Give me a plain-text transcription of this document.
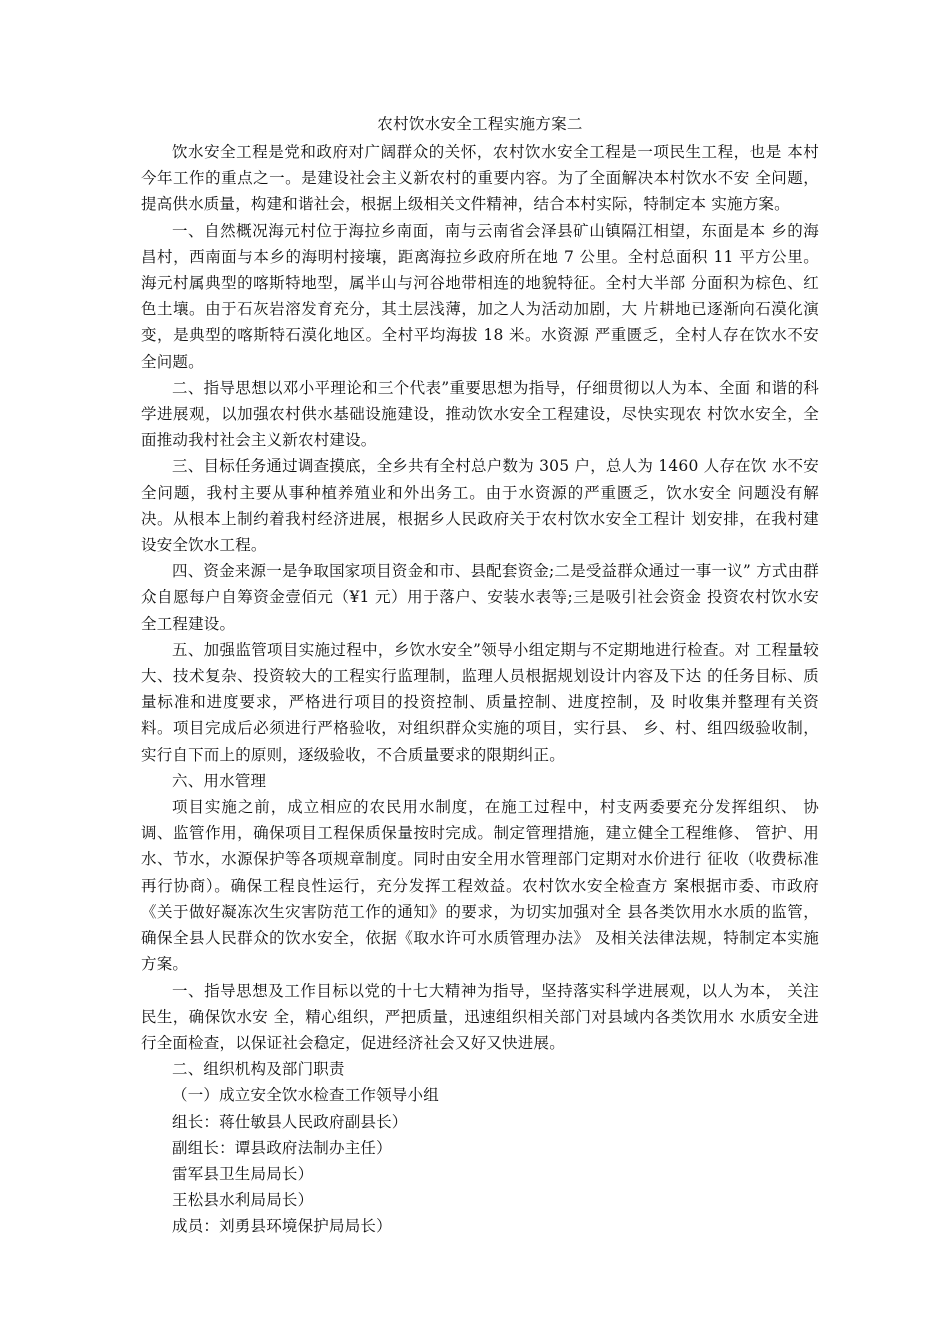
农村饮水安全工程实施方案二

饮水安全工程是党和政府对广阔群众的关怀，农村饮水安全工程是一项民生工程，也是 本村今年工作的重点之一。是建设社会主义新农村的重要内容。为了全面解决本村饮水不安 全问题，提高供水质量，构建和谐社会，根据上级相关文件精神，结合本村实际，特制定本 实施方案。

一、自然概况海元村位于海拉乡南面，南与云南省会泽县矿山镇隔江相望，东面是本 乡的海昌村，西南面与本乡的海明村接壤，距离海拉乡政府所在地 7 公里。全村总面积 11 平方公里。海元村属典型的喀斯特地型，属半山与河谷地带相连的地貌特征。全村大半部 分面积为棕色、红色土壤。由于石灰岩溶发育充分，其土层浅薄，加之人为活动加剧，大 片耕地已逐渐向石漠化演变，是典型的喀斯特石漠化地区。全村平均海拔 18 米。水资源 严重匮乏，全村人存在饮水不安全问题。

二、指导思想以邓小平理论和三个代表”重要思想为指导，仔细贯彻以人为本、全面 和谐的科学进展观，以加强农村供水基础设施建设，推动饮水安全工程建设，尽快实现农 村饮水安全，全面推动我村社会主义新农村建设。

三、目标任务通过调查摸底，全乡共有全村总户数为 305 户，总人为 1460 人存在饮 水不安全问题，我村主要从事种植养殖业和外出务工。由于水资源的严重匮乏，饮水安全 问题没有解决。从根本上制约着我村经济进展，根据乡人民政府关于农村饮水安全工程计 划安排，在我村建设安全饮水工程。

四、资金来源一是争取国家项目资金和市、县配套资金;二是受益群众通过一事一议” 方式由群众自愿每户自筹资金壹佰元（¥1 元）用于落户、安装水表等;三是吸引社会资金 投资农村饮水安全工程建设。

五、加强监管项目实施过程中，乡饮水安全”领导小组定期与不定期地进行检查。对 工程量较大、技术复杂、投资较大的工程实行监理制，监理人员根据规划设计内容及下达 的任务目标、质量标准和进度要求，严格进行项目的投资控制、质量控制、进度控制，及 时收集并整理有关资料。项目完成后必须进行严格验收，对组织群众实施的项目，实行县、 乡、村、组四级验收制，实行自下而上的原则，逐级验收，不合质量要求的限期纠正。

六、用水管理

项目实施之前，成立相应的农民用水制度，在施工过程中，村支两委要充分发挥组织、 协调、监管作用，确保项目工程保质保量按时完成。制定管理措施，建立健全工程维修、 管护、用水、节水，水源保护等各项规章制度。同时由安全用水管理部门定期对水价进行 征收（收费标准再行协商）。确保工程良性运行，充分发挥工程效益。农村饮水安全检查方 案根据市委、市政府《关于做好凝冻次生灾害防范工作的通知》的要求，为切实加强对全 县各类饮用水水质的监管，确保全县人民群众的饮水安全，依据《取水许可水质管理办法》 及相关法律法规，特制定本实施方案。

一、指导思想及工作目标以党的十七大精神为指导，坚持落实科学进展观，以人为本， 关注民生，确保饮水安 全，精心组织，严把质量，迅速组织相关部门对县域内各类饮用水 水质安全进行全面检查，以保证社会稳定，促进经济社会又好又快进展。

二、组织机构及部门职责

（一）成立安全饮水检查工作领导小组

组长：蒋仕敏县人民政府副县长）

副组长：谭县政府法制办主任）

雷军县卫生局局长）

王松县水利局局长）

成员：刘勇县环境保护局局长）
